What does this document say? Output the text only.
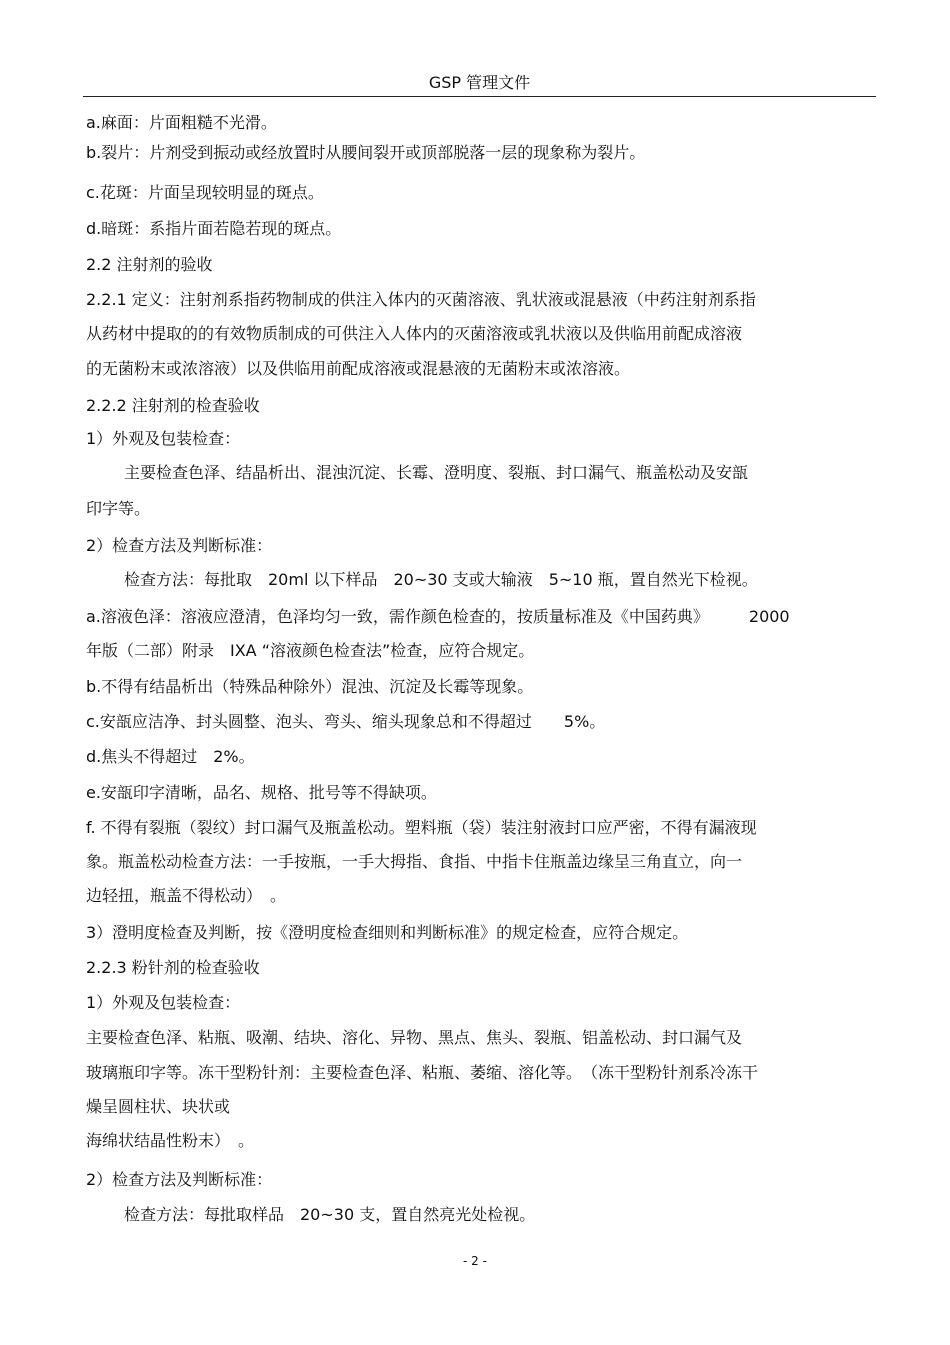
GSP 管理文件
a.麻面：片面粗糙不光滑。
b.裂片：片剂受到振动或经放置时从腰间裂开或顶部脱落一层的现象称为裂片。
c.花斑：片面呈现较明显的斑点。
d.暗斑：系指片面若隐若现的斑点。
2.2 注射剂的验收
2.2.1 定义：注射剂系指药物制成的供注入体内的灭菌溶液、乳状液或混悬液（中药注射剂系指
从药材中提取的的有效物质制成的可供注入人体内的灭菌溶液或乳状液以及供临用前配成溶液
的无菌粉末或浓溶液）以及供临用前配成溶液或混悬液的无菌粉末或浓溶液。
2.2.2 注射剂的检查验收
1）外观及包装检查：
主要检查色泽、结晶析出、混浊沉淀、长霉、澄明度、裂瓶、封口漏气、瓶盖松动及安瓿
印字等。
2）检查方法及判断标准：
检查方法：每批取　20ml 以下样品　20~30 支或大输液　5~10 瓶，置自然光下检视。
a.溶液色泽：溶液应澄清，色泽均匀一致，需作颜色检查的，按质量标准及《中国药典》　　　2000
年版（二部）附录　IXA “溶液颜色检查法”检查，应符合规定。
b.不得有结晶析出（特殊品种除外）混浊、沉淀及长霉等现象。
c.安瓿应洁净、封头圆整、泡头、弯头、缩头现象总和不得超过　　5%。
d.焦头不得超过　2%。
e.安瓿印字清晰，品名、规格、批号等不得缺项。
f. 不得有裂瓶（裂纹）封口漏气及瓶盖松动。塑料瓶（袋）装注射液封口应严密，不得有漏液现
象。瓶盖松动检查方法：一手按瓶，一手大拇指、食指、中指卡住瓶盖边缘呈三角直立，向一
边轻扭，瓶盖不得松动）　。
3）澄明度检查及判断，按《澄明度检查细则和判断标准》的规定检查，应符合规定。
2.2.3 粉针剂的检查验收
1）外观及包装检查：
主要检查色泽、粘瓶、吸潮、结块、溶化、异物、黑点、焦头、裂瓶、铝盖松动、封口漏气及
玻璃瓶印字等。冻干型粉针剂：主要检查色泽、粘瓶、萎缩、溶化等。　（冻干型粉针剂系冷冻干
燥呈圆柱状、块状或
海绵状结晶性粉末）　。
2）检查方法及判断标准：
检查方法：每批取样品　20~30 支，置自然亮光处检视。
- 2 -
